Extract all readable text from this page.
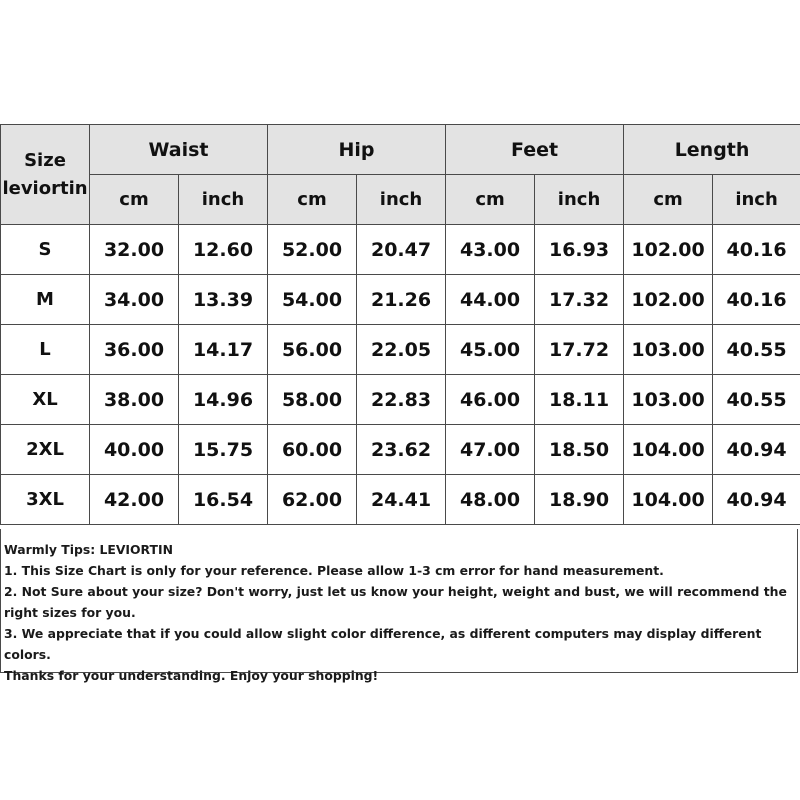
Size
leviortin	Waist		Hip		Feet		Length	
	cm	inch	cm	inch	cm	inch	cm	inch
S	32.00	12.60	52.00	20.47	43.00	16.93	102.00	40.16
M	34.00	13.39	54.00	21.26	44.00	17.32	102.00	40.16
L	36.00	14.17	56.00	22.05	45.00	17.72	103.00	40.55
XL	38.00	14.96	58.00	22.83	46.00	18.11	103.00	40.55
2XL	40.00	15.75	60.00	23.62	47.00	18.50	104.00	40.94
3XL	42.00	16.54	62.00	24.41	48.00	18.90	104.00	40.94
Warmly Tips: LEVIORTIN
1. This Size Chart is only for your reference. Please allow 1-3 cm error for hand measurement.
2. Not Sure about your size? Don't worry, just let us know your height, weight and bust, we will recommend the right sizes for you.
3. We appreciate that if you could allow slight color difference, as different computers may display different colors.
Thanks for your understanding. Enjoy your shopping!
